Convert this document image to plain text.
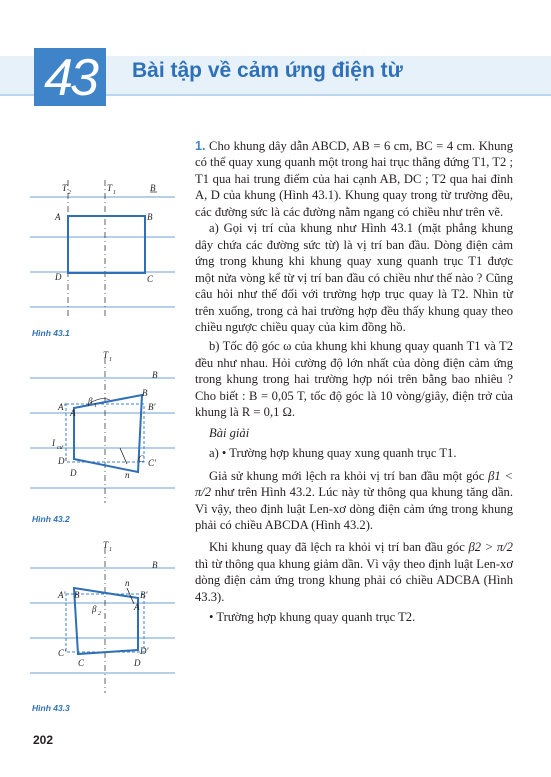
43	Bài tập về cảm ứng điện từ
T 2	T 1	B
A	B
C
D
Hình 43.1
T 1
B
β 1
A'
A
B
B'
C'
C
D'
D
I cư
n
Hình 43.2
T 1
B
β 2
n
A' B	B'
A
C'
C
D'
D
Hình 43.3

1. Cho khung dây dẫn ABCD, AB = 6 cm, BC = 4 cm. Khung có thể quay xung quanh một trong hai trục thẳng đứng T1, T2 ; T1 qua hai trung điểm của hai cạnh AB, DC ; T2 qua hai đỉnh A, D của khung (Hình 43.1). Khung quay trong từ trường đều, các đường sức là các đường nằm ngang có chiều như trên vẽ.

a) Gọi vị trí của khung như Hình 43.1 (mặt phẳng khung dây chứa các đường sức từ) là vị trí ban đầu. Dòng điện cảm ứng trong khung khi khung quay xung quanh trục T1 được một nửa vòng kể từ vị trí ban đầu có chiều như thế nào ? Cũng câu hỏi như thế đối với trường hợp trục quay là T2. Nhìn từ trên xuống, trong cả hai trường hợp đều thấy khung quay theo chiều ngược chiều quay của kim đồng hồ.

b) Tốc độ góc ω của khung khi khung quay quanh T1 và T2 đều như nhau. Hỏi cường độ lớn nhất của dòng điện cảm ứng trong khung trong hai trường hợp nói trên bằng bao nhiêu ? Cho biết : B = 0,05 T, tốc độ góc là 10 vòng/giây, điện trở của khung là R = 0,1 Ω.

Bài giải

a) • Trường hợp khung quay xung quanh trục T1.

Giả sử khung mới lệch ra khỏi vị trí ban đầu một góc β1 < π/2 như trên Hình 43.2. Lúc này từ thông qua khung tăng dần. Vì vậy, theo định luật Len-xơ dòng điện cảm ứng trong khung phải có chiều ABCDA (Hình 43.2).

Khi khung quay đã lệch ra khỏi vị trí ban đầu góc β2 > π/2 thì từ thông qua khung giảm dần. Vì vậy theo định luật Len-xơ dòng điện cảm ứng trong khung phải có chiều ADCBA (Hình 43.3).

• Trường hợp khung quay quanh trục T2.

202
